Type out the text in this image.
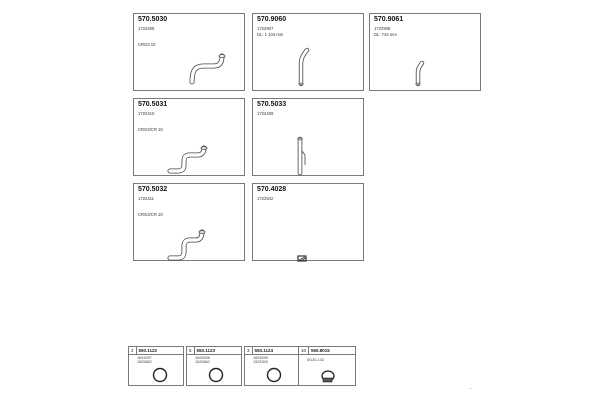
570.5030
1722406
CRG3 10
570.9060
1722907
DL: 1 104 mm
570.9061
1722908
DL: 734 mm
570.5031
1722410
CRG3/CR 10
570.5033
1722409
570.5032
1722411
CRG3/CR 10
570.4028
1722542
2 550.1122
1693297
1525862
5 550.1123
1693298
1525860
3 550.1124
1693296
1525326
10 550.8015
Ø120-132
